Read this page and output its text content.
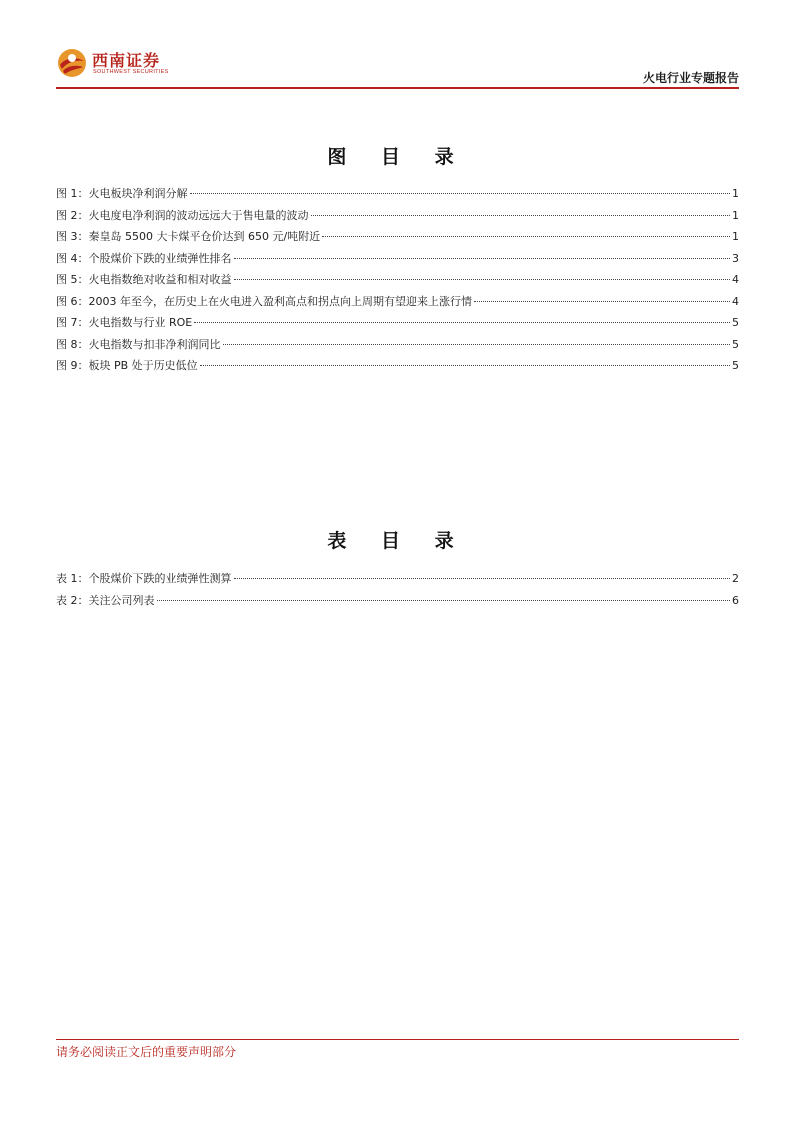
西南证券
SOUTHWEST SECURITIES	火电行业专题报告
图 目 录
图 1：火电板块净利润分解	1
图 2：火电度电净利润的波动远远大于售电量的波动	1
图 3：秦皇岛 5500 大卡煤平仓价达到 650 元/吨附近	1
图 4：个股煤价下跌的业绩弹性排名	3
图 5：火电指数绝对收益和相对收益	4
图 6：2003 年至今，在历史上在火电进入盈利高点和拐点向上周期有望迎来上涨行情	4
图 7：火电指数与行业 ROE	5
图 8：火电指数与扣非净利润同比	5
图 9：板块 PB 处于历史低位	5
表 目 录
表 1：个股煤价下跌的业绩弹性测算	2
表 2：关注公司列表	6
请务必阅读正文后的重要声明部分
